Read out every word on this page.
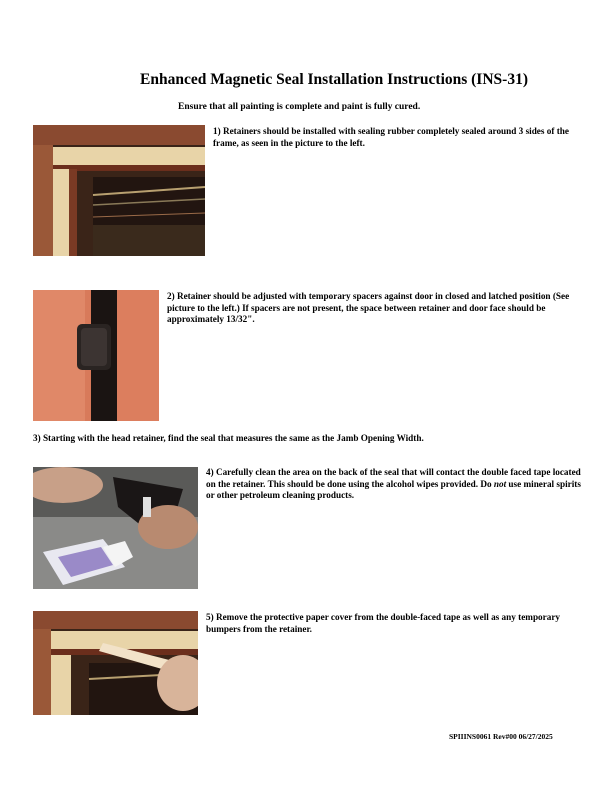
Enhanced Magnetic Seal Installation Instructions (INS-31)
Ensure that all painting is complete and paint is fully cured.
1) Retainers should be installed with sealing rubber completely sealed around 3 sides of the frame, as seen in the picture to the left.
2) Retainer should be adjusted with temporary spacers against door in closed and latched position (See picture to the left.) If spacers are not present, the space between retainer and door face should be approximately 13/32".
3) Starting with the head retainer, find the seal that measures the same as the Jamb Opening Width.
4) Carefully clean the area on the back of the seal that will contact the double faced tape located on the retainer. This should be done using the alcohol wipes provided. Do not use mineral spirits or other petroleum cleaning products.
5) Remove the protective paper cover from the double-faced tape as well as any temporary bumpers from the retainer.
SPIIINS0061 Rev#00 06/27/2025
